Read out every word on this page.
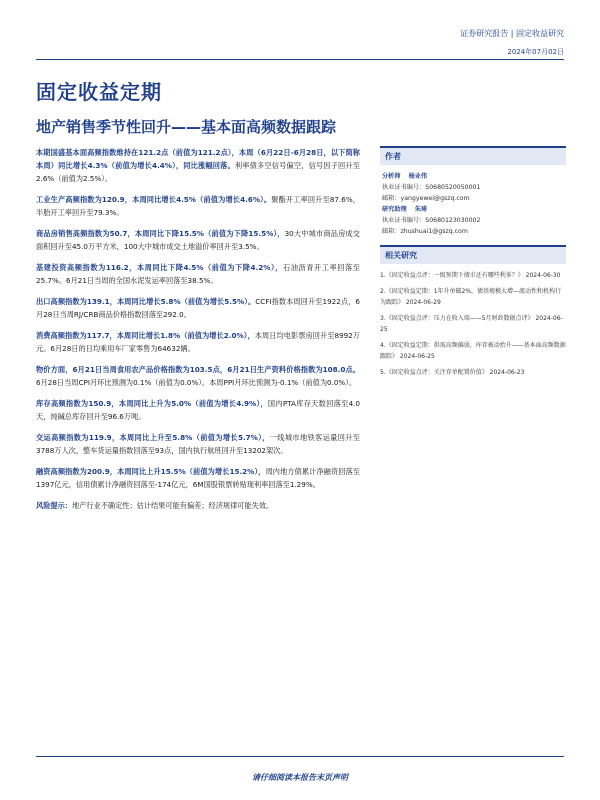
证券研究报告 | 固定收益研究
2024年07月02日
固定收益定期
地产销售季节性回升——基本面高频数据跟踪

本期国盛基本面高频指数维持在121.2点（前值为121.2点），本周（6月22日-6月28日，以下简称本周）同比增长4.3%（前值为增长4.4%），同比涨幅回落。利率债多空信号偏空，信号因子回升至2.6%（前值为2.5%）。

工业生产高频指数为120.9，本周同比增长4.5%（前值为增长4.6%）。聚酯开工率回升至87.6%，半胎开工率回升至79.3%。

商品房销售高频指数为50.7，本周同比下降15.5%（前值为下降15.5%），30大中城市商品房成交面积回升至45.0万平方米，100大中城市成交土地溢价率回升至3.5%。

基建投资高频指数为116.2，本周同比下降4.5%（前值为下降4.2%），石油沥青开工率回落至25.7%。6月21日当周的全国水泥发运率回落至38.5%。

出口高频指数为139.1，本周同比增长5.8%（前值为增长5.5%）。CCFI指数本周回升至1922点，6月28日当周RJ/CRB商品价格指数回落至292.0。

消费高频指数为117.7，本周同比增长1.8%（前值为增长2.0%），本周日均电影票房回升至8992万元。6月28日的日均乘用车厂家零售为64632辆。

物价方面，6月21日当周食用农产品价格指数为103.5点，6月21日生产资料价格指数为108.0点。6月28日当周CPI月环比预测为0.1%（前值为0.0%）。本周PPI月环比预测为-0.1%（前值为0.0%）。

库存高频指数为150.9，本周同比上升为5.0%（前值为增长4.9%），国内PTA库存天数回落至4.0天，纯碱总库存回升至96.6万吨。

交运高频指数为119.9，本周同比上升至5.8%（前值为增长5.7%），一线城市地铁客运量回升至3788万人次，整车货运量指数回落至93点，国内执行航班回升至13202架次。

融资高频指数为200.9，本周同比上升15.5%（前值为增长15.2%），周内地方债累计净融资回落至1397亿元，信用债累计净融资回落至-174亿元，6M国股银票转贴现利率回落至1.29%。

风险提示：地产行业不确定性；估计结果可能有偏差；经济规律可能失效。

作者
分析师 杨业伟
执业证书编号：S0680520050001
邮箱：yangyewei@gszq.com
研究助理 朱琦
执业证书编号：S0680123030002
邮箱：zhushuai1@gszq.com
相关研究
1.《固定收益点评：一级预期下债市还有哪些利多？》 2024-06-30
2.《固定收益定期：1年升单破2%，债基规模大增—流动性和机构行为跟踪》 2024-06-29
3.《固定收益点评：压力在收入端——5月财政数据点评》 2024-06-25
4.《固定收益定期：供需高频偏弱，库存被动抬升——基本面高频数据跟踪》 2024-06-25
5.《固定收益点评：关注存单配置价值》 2024-06-23
请仔细阅读本报告末页声明
